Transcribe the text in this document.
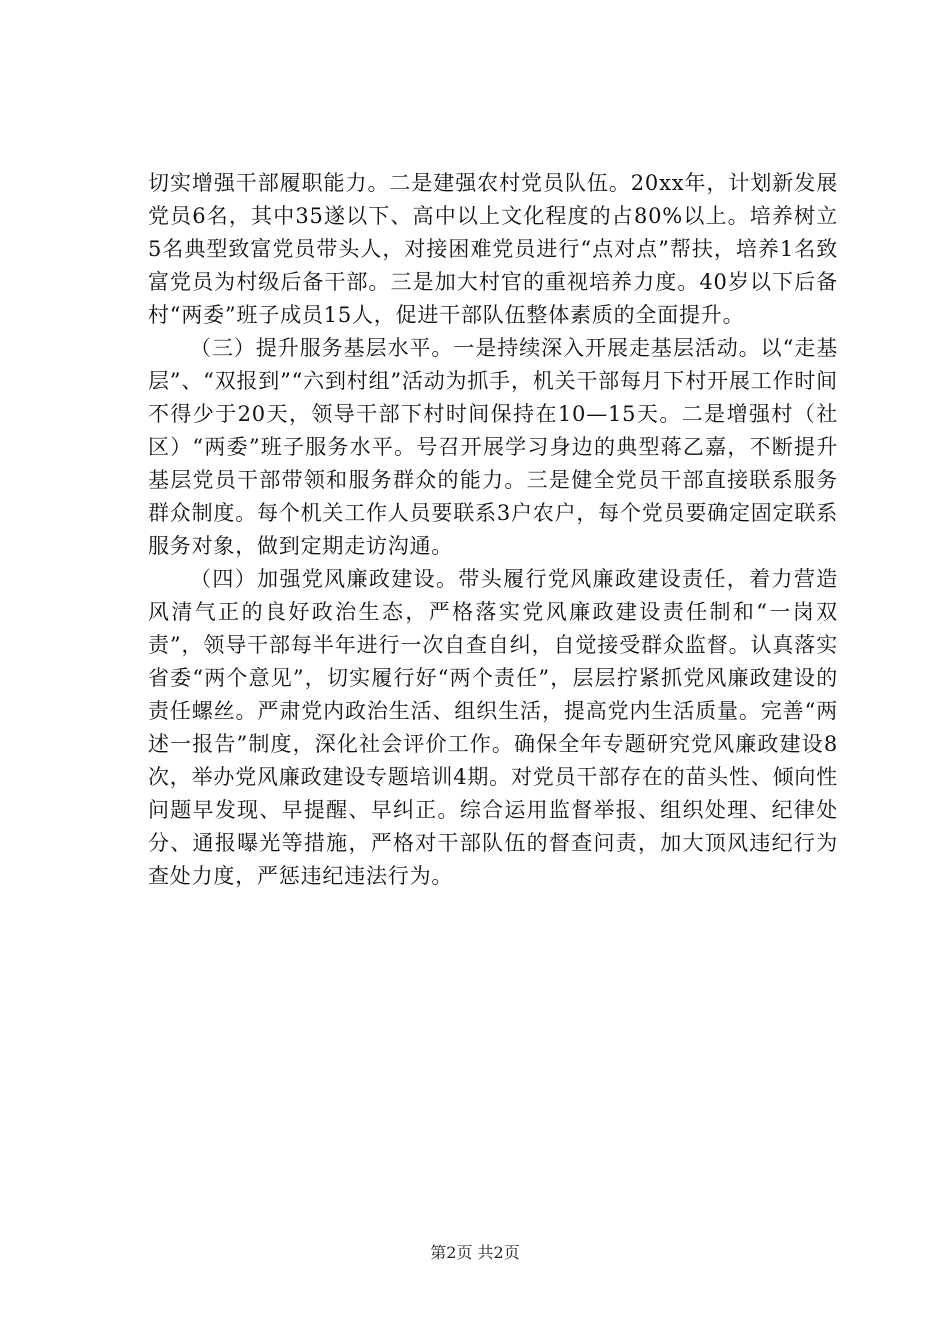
切实增强干部履职能力。二是建强农村党员队伍。20xx年，计划新发展党员6名，其中35遂以下、高中以上文化程度的占80%以上。培养树立5名典型致富党员带头人，对接困难党员进行“点对点”帮扶，培养1名致富党员为村级后备干部。三是加大村官的重视培养力度。40岁以下后备村“两委”班子成员15人，促进干部队伍整体素质的全面提升。

（三）提升服务基层水平。一是持续深入开展走基层活动。以“走基层”、“双报到”“六到村组”活动为抓手，机关干部每月下村开展工作时间不得少于20天，领导干部下村时间保持在10—15天。二是增强村（社区）“两委”班子服务水平。号召开展学习身边的典型蒋乙嘉，不断提升基层党员干部带领和服务群众的能力。三是健全党员干部直接联系服务群众制度。每个机关工作人员要联系3户农户，每个党员要确定固定联系服务对象，做到定期走访沟通。

（四）加强党风廉政建设。带头履行党风廉政建设责任，着力营造风清气正的良好政治生态，严格落实党风廉政建设责任制和“一岗双责”，领导干部每半年进行一次自查自纠，自觉接受群众监督。认真落实省委“两个意见”，切实履行好“两个责任”，层层拧紧抓党风廉政建设的责任螺丝。严肃党内政治生活、组织生活，提高党内生活质量。完善“两述一报告”制度，深化社会评价工作。确保全年专题研究党风廉政建设8次，举办党风廉政建设专题培训4期。对党员干部存在的苗头性、倾向性问题早发现、早提醒、早纠正。综合运用监督举报、组织处理、纪律处分、通报曝光等措施，严格对干部队伍的督查问责，加大顶风违纪行为查处力度，严惩违纪违法行为。

第2页 共2页
